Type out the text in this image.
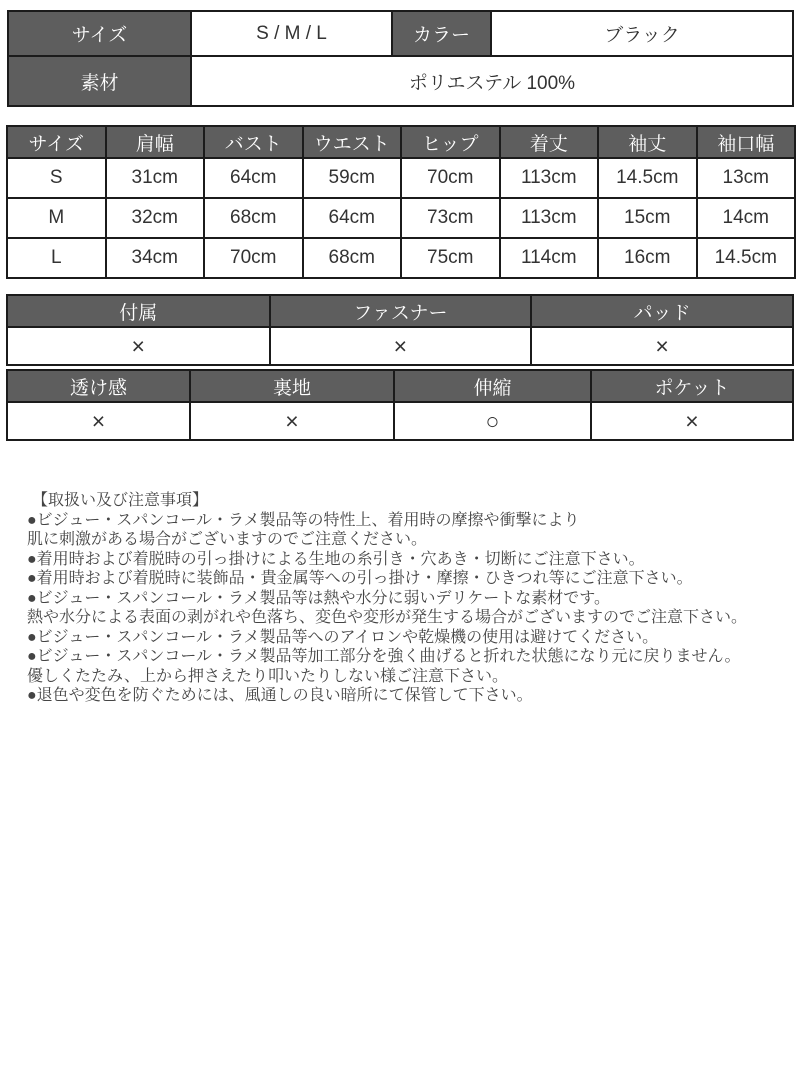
サイズ	S / M / L	カラー	ブラック
素材	ポリエステル 100%		
サイズ	肩幅	バスト	ウエスト	ヒップ	着丈	袖丈	袖口幅
S	31cm	64cm	59cm	70cm	113cm	14.5cm	13cm
M	32cm	68cm	64cm	73cm	113cm	15cm	14cm
L	34cm	70cm	68cm	75cm	114cm	16cm	14.5cm
付属	ファスナー	パッド
×	×	×
透け感	裏地	伸縮	ポケット
×	×	○	×
【取扱い及び注意事項】
●ビジュー・スパンコール・ラメ製品等の特性上、着用時の摩擦や衝撃により
肌に刺激がある場合がございますのでご注意ください。
●着用時および着脱時の引っ掛けによる生地の糸引き・穴あき・切断にご注意下さい。
●着用時および着脱時に装飾品・貴金属等への引っ掛け・摩擦・ひきつれ等にご注意下さい。
●ビジュー・スパンコール・ラメ製品等は熱や水分に弱いデリケートな素材です。
熱や水分による表面の剥がれや色落ち、変色や変形が発生する場合がございますのでご注意下さい。
●ビジュー・スパンコール・ラメ製品等へのアイロンや乾燥機の使用は避けてください。
●ビジュー・スパンコール・ラメ製品等加工部分を強く曲げると折れた状態になり元に戻りません。
優しくたたみ、上から押さえたり叩いたりしない様ご注意下さい。
●退色や変色を防ぐためには、風通しの良い暗所にて保管して下さい。
